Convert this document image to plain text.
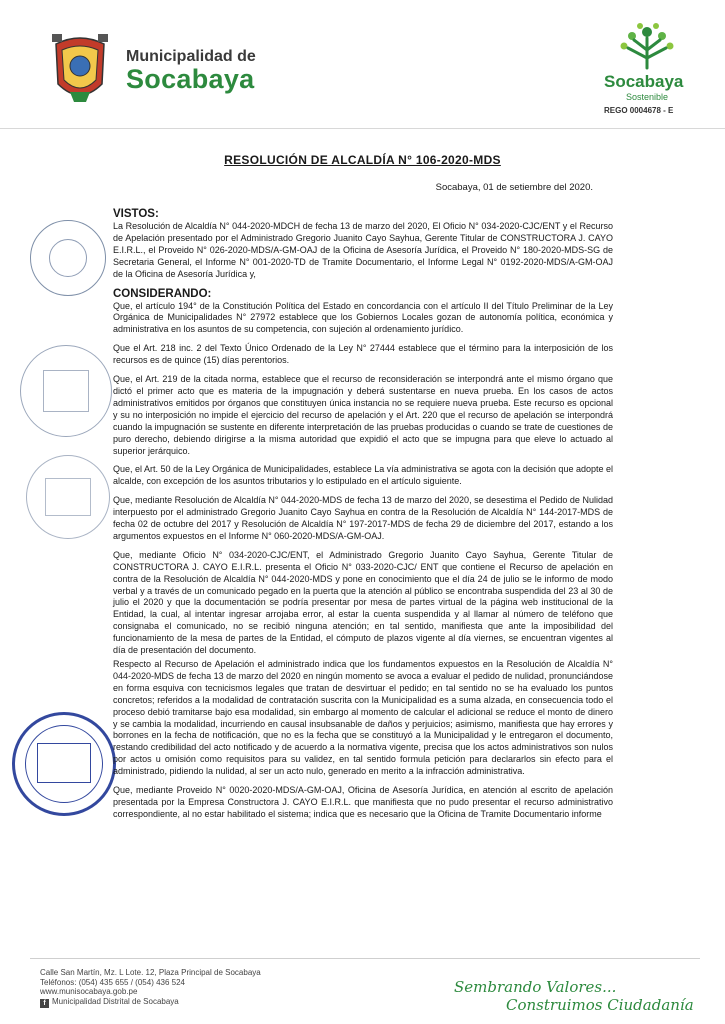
Municipalidad de
Socabaya	Socabaya
Sostenible
REGO 0004678 - E
RESOLUCIÓN DE ALCALDÍA N° 106-2020-MDS
Socabaya, 01 de setiembre del 2020.
VISTOS:

La Resolución de Alcaldía N° 044-2020-MDCH de fecha 13 de marzo del 2020, El Oficio N° 034-2020-CJC/ENT y el Recurso de Apelación presentado por el Administrado Gregorio Juanito Cayo Sayhua, Gerente Titular de CONSTRUCTORA J. CAYO E.I.R.L., el Proveido N° 026-2020-MDS/A-GM-OAJ de la Oficina de Asesoría Jurídica, el Proveido N° 180-2020-MDS-SG de Secretaria General, el Informe N° 001-2020-TD de Tramite Documentario, el Informe Legal N° 0192-2020-MDS/A-GM-OAJ de la Oficina de Asesoría Jurídica y,

CONSIDERANDO:

Que, el artículo 194° de la Constitución Política del Estado en concordancia con el artículo II del Título Preliminar de la Ley Orgánica de Municipalidades N° 27972 establece que los Gobiernos Locales gozan de autonomía política, económica y administrativa en los asuntos de su competencia, con sujeción al ordenamiento jurídico.

Que el Art. 218 inc. 2 del Texto Único Ordenado de la Ley N° 27444 establece que el término para la interposición de los recursos es de quince (15) días perentorios.

Que, el Art. 219 de la citada norma, establece que el recurso de reconsideración se interpondrá ante el mismo órgano que dictó el primer acto que es materia de la impugnación y deberá sustentarse en nueva prueba. En los casos de actos administrativos emitidos por órganos que constituyen única instancia no se requiere nueva prueba. Este recurso es opcional y su no interposición no impide el ejercicio del recurso de apelación y el Art. 220 que el recurso de apelación se interpondrá cuando la impugnación se sustente en diferente interpretación de las pruebas producidas o cuando se trate de cuestiones de puro derecho, debiendo dirigirse a la misma autoridad que expidió el acto que se impugna para que eleve lo actuado al superior jerárquico.

Que, el Art. 50 de la Ley Orgánica de Municipalidades, establece La vía administrativa se agota con la decisión que adopte el alcalde, con excepción de los asuntos tributarios y lo estipulado en el artículo siguiente.

Que, mediante Resolución de Alcaldía N° 044-2020-MDS de fecha 13 de marzo del 2020, se desestima el Pedido de Nulidad interpuesto por el administrado Gregorio Juanito Cayo Sayhua en contra de la Resolución de Alcaldía N° 144-2017-MDS de fecha 02 de octubre del 2017 y Resolución de Alcaldía N° 197-2017-MDS de fecha 29 de diciembre del 2017, estando a los argumentos expuestos en el Informe N° 060-2020-MDS/A-GM-OAJ.

Que, mediante Oficio N° 034-2020-CJC/ENT, el Administrado Gregorio Juanito Cayo Sayhua, Gerente Titular de CONSTRUCTORA J. CAYO E.I.R.L. presenta el Oficio N° 033-2020-CJC/ ENT que contiene el Recurso de apelación en contra de la Resolución de Alcaldía N° 044-2020-MDS y pone en conocimiento que el día 24 de julio se le informo de modo verbal y a través de un comunicado pegado en la puerta que la atención al público se encontraba suspendida del 23 al 30 de julio el 2020 y que la documentación se podría presentar por mesa de partes virtual de la página web institucional de la Entidad, la cual, al intentar ingresar arrojaba error, al estar la cuenta suspendida y al llamar al número de teléfono que consignaba el comunicado, no se recibió ninguna atención; en tal sentido, manifiesta que ante la imposibilidad del funcionamiento de la mesa de partes de la Entidad, el cómputo de plazos vigente al día viernes, se encuentran vigentes al día de presentación del documento.

Respecto al Recurso de Apelación el administrado indica que los fundamentos expuestos en la Resolución de Alcaldía N° 044-2020-MDS de fecha 13 de marzo del 2020 en ningún momento se avoca a evaluar el pedido de nulidad, pronunciándose en forma esquiva con tecnicismos legales que tratan de desvirtuar el pedido; en tal sentido no se ha evaluado los puntos concretos; referidos a la modalidad de contratación suscrita con la Municipalidad es a suma alzada, en consecuencia todo el proceso debió tramitarse bajo esa modalidad, sin embargo al momento de calcular el adicional se reduce el monto de dinero y se cambia la modalidad, incurriendo en causal insubsanable de daños y perjuicios; asimismo, manifiesta que hay errores y borrones en la fecha de notificación, que no es la fecha que se constituyó a la Municipalidad y le entregaron el documento, restando credibilidad del acto notificado y de acuerdo a la normativa vigente, precisa que los actos administrativos son nulos por actos u omisión como requisitos para su validez, en tal sentido formula petición para declararlos sin efecto para el administrado, pidiendo la nulidad, al ser un acto nulo, generado en merito a la infracción administrativa.

Que, mediante Proveido N° 0020-2020-MDS/A-GM-OAJ, Oficina de Asesoría Jurídica, en atención al escrito de apelación presentada por la Empresa Constructora J. CAYO E.I.R.L. que manifiesta que no pudo presentar el recurso administrativo correspondiente, al no estar habilitado el sistema; indica que es necesario que la Oficina de Tramite Documentario informe

Calle San Martín, Mz. L Lote. 12, Plaza Principal de Socabaya
Teléfonos: (054) 435 655 / (054) 436 524
www.munisocabaya.gob.pe
f Municipalidad Distrital de Socabaya
Sembrando Valores...
Construimos Ciudadanía
